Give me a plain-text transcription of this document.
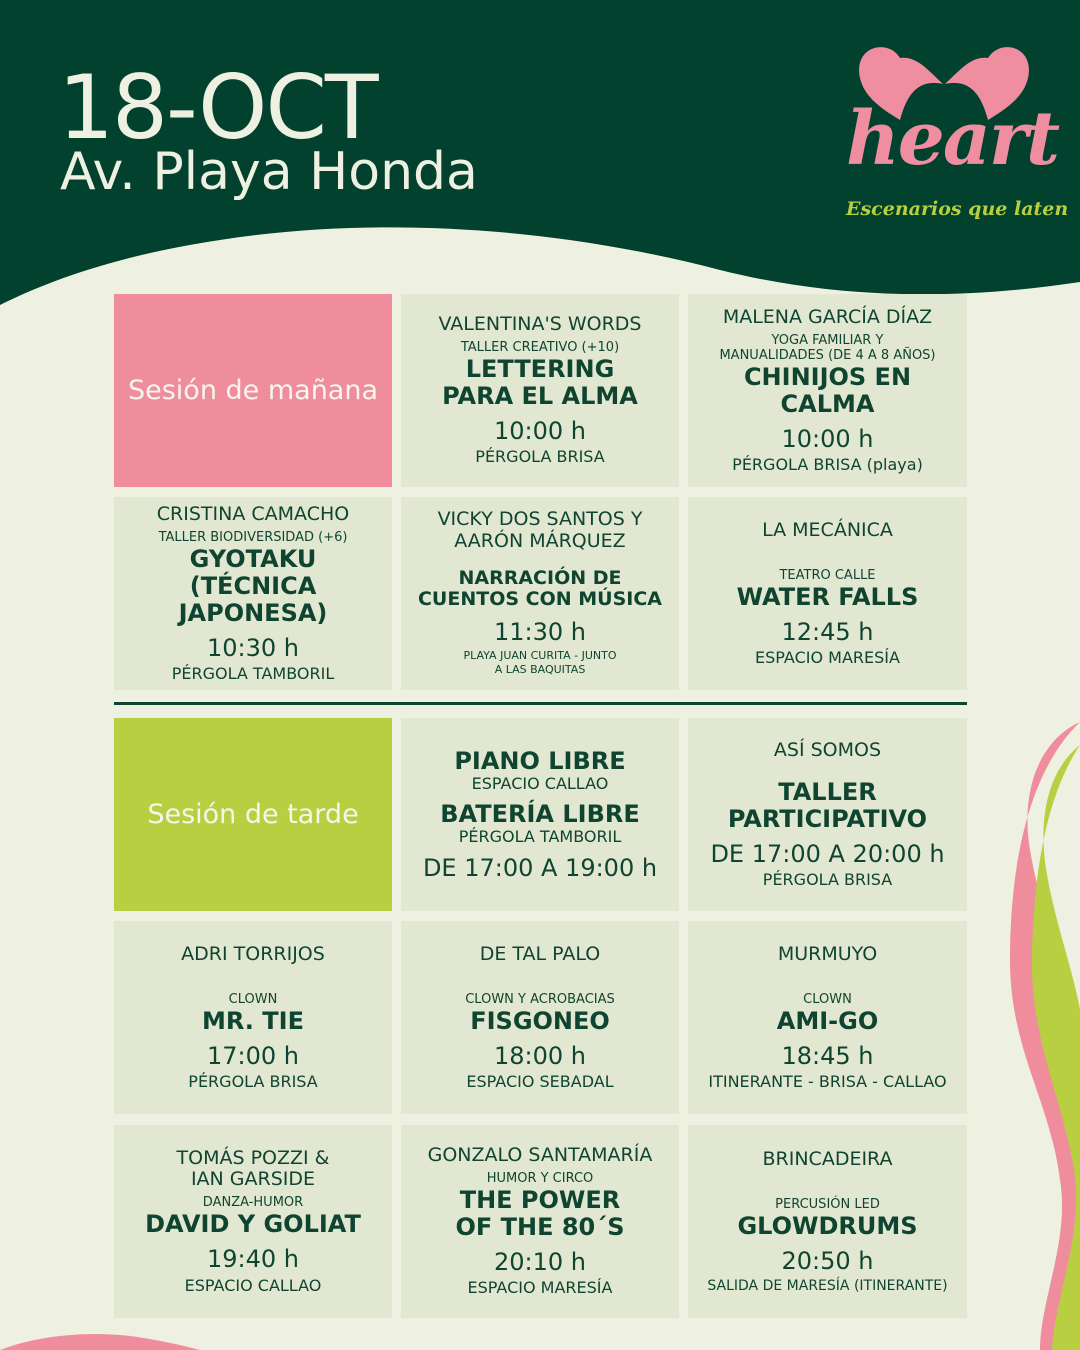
18-OCT
Av. Playa Honda	heart
Escenarios que laten
Sesión de mañana
VALENTINA'S WORDS
TALLER CREATIVO (+10)
LETTERING
PARA EL ALMA
10:00 h
PÉRGOLA BRISA
MALENA GARCÍA DÍAZ
YOGA FAMILIAR Y
MANUALIDADES (DE 4 A 8 AÑOS)
CHINIJOS EN CALMA
10:00 h
PÉRGOLA BRISA (playa)
CRISTINA CAMACHO
TALLER BIODIVERSIDAD (+6)
GYOTAKU
(TÉCNICA JAPONESA)
10:30 h
PÉRGOLA TAMBORIL
VICKY DOS SANTOS Y
AARÓN MÁRQUEZ
NARRACIÓN DE
CUENTOS CON MÚSICA
11:30 h
PLAYA JUAN CURITA - JUNTO
A LAS BAQUITAS
LA MECÁNICA
TEATRO CALLE
WATER FALLS
12:45 h
ESPACIO MARESÍA
Sesión de tarde
PIANO LIBRE
ESPACIO CALLAO
BATERÍA LIBRE
PÉRGOLA TAMBORIL
DE 17:00 A 19:00 h
ASÍ SOMOS
TALLER
PARTICIPATIVO
DE 17:00 A 20:00 h
PÉRGOLA BRISA
ADRI TORRIJOS
CLOWN
MR. TIE
17:00 h
PÉRGOLA BRISA
DE TAL PALO
CLOWN Y ACROBACIAS
FISGONEO
18:00 h
ESPACIO SEBADAL
MURMUYO
CLOWN
AMI-GO
18:45 h
ITINERANTE - BRISA - CALLAO
TOMÁS POZZI &
IAN GARSIDE
DANZA-HUMOR
DAVID Y GOLIAT
19:40 h
ESPACIO CALLAO
GONZALO SANTAMARÍA
HUMOR Y CIRCO
THE POWER
OF THE 80´S
20:10 h
ESPACIO MARESÍA
BRINCADEIRA
PERCUSIÓN LED
GLOWDRUMS
20:50 h
SALIDA DE MARESÍA (ITINERANTE)
